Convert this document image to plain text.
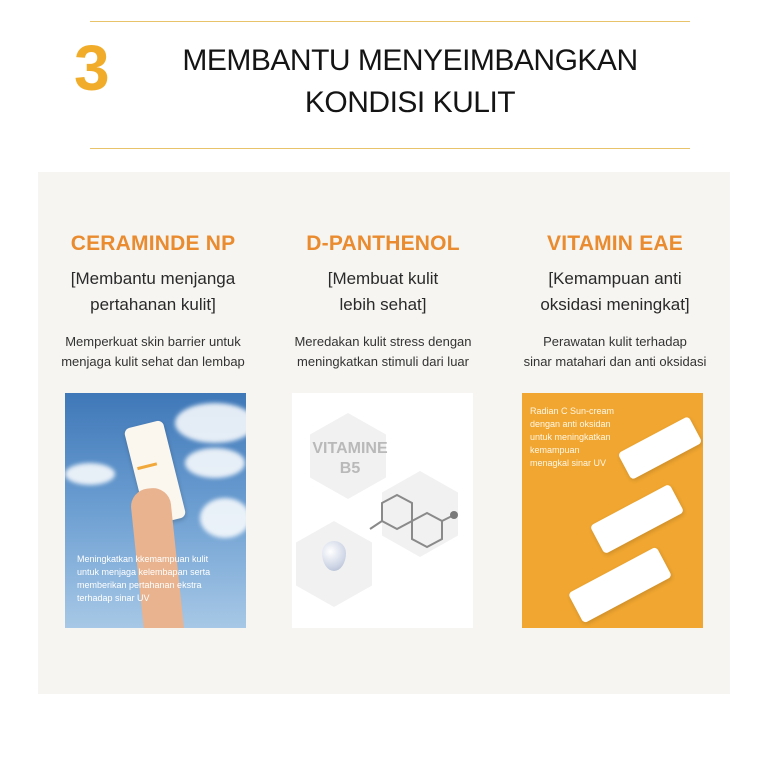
3	MEMBANTU MENYEIMBANGKAN
KONDISI KULIT
CERAMINDE NP
[Membantu menjanga
pertahanan kulit]
Memperkuat skin barrier untuk
menjaga kulit sehat dan lembap
Meningkatkan kkemampuan kulit
untuk menjaga kelembapan serta
memberikan pertahanan ekstra
terhadap sinar UV
D-PANTHENOL
[Membuat kulit
lebih sehat]
Meredakan kulit stress dengan
meningkatkan stimuli dari luar
VITAMINE
B5
VITAMIN EAE
[Kemampuan anti
oksidasi meningkat]
Perawatan kulit terhadap
sinar matahari dan anti oksidasi
Radian C Sun-cream
dengan anti oksidan
untuk meningkatkan
kemampuan
menagkal sinar UV
